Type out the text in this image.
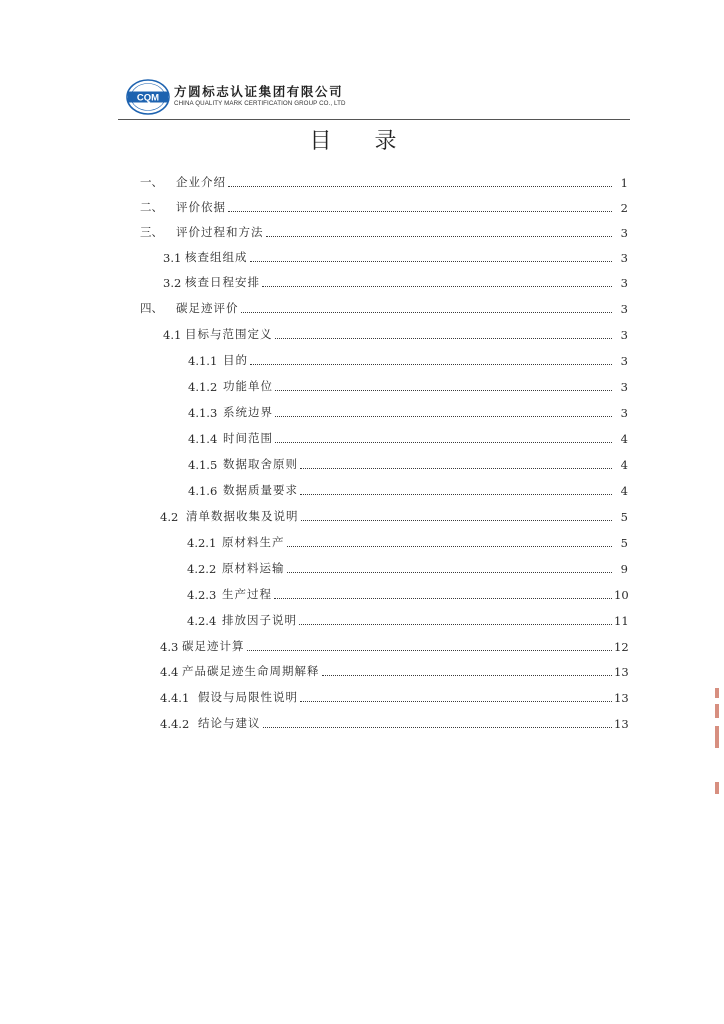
CQM 方圆标志认证集团有限公司
CHINA QUALITY MARK CERTIFICATION GROUP CO., LTD
目 录
一、	企业介绍	1
二、	评价依据	2
三、	评价过程和方法	3
3.1 核查组组成	3
3.2 核查日程安排	3
四、	碳足迹评价	3
4.1 目标与范围定义	3
4.1.1 目的	3
4.1.2 功能单位	3
4.1.3 系统边界	3
4.1.4 时间范围	4
4.1.5 数据取舍原则	4
4.1.6 数据质量要求	4
4.2 清单数据收集及说明	5
4.2.1 原材料生产	5
4.2.2 原材料运输	9
4.2.3 生产过程	10
4.2.4 排放因子说明	11
4.3 碳足迹计算	12
4.4 产品碳足迹生命周期解释	13
4.4.1 假设与局限性说明	13
4.4.2 结论与建议	13
